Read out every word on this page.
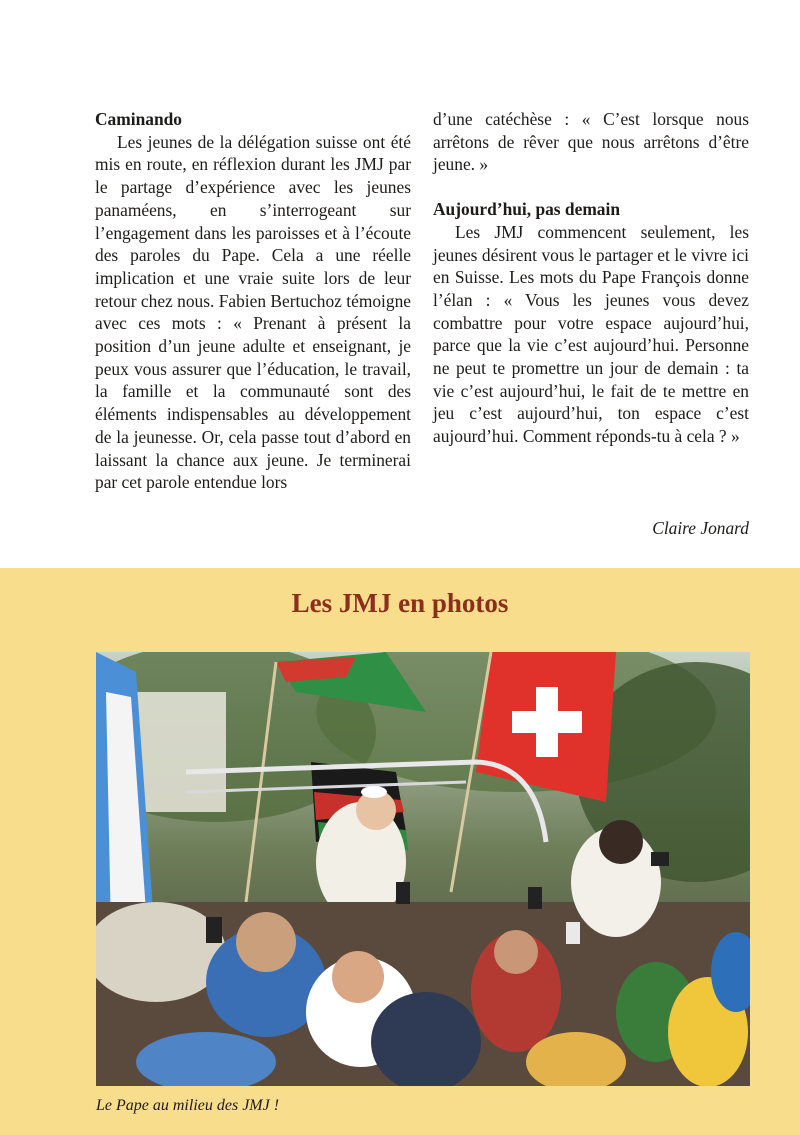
Caminando

Les jeunes de la délégation suisse ont été mis en route, en réflexion durant les JMJ par le partage d’expérience avec les jeunes panaméens, en s’interrogeant sur l’engagement dans les paroisses et à l’écoute des paroles du Pape. Cela a une réelle implication et une vraie suite lors de leur retour chez nous. Fabien Bertuchoz témoigne avec ces mots : « Prenant à présent la position d’un jeune adulte et enseignant, je peux vous assurer que l’éducation, le travail, la famille et la communauté sont des éléments indispensables au développement de la jeunesse. Or, cela passe tout d’abord en laissant la chance aux jeune. Je terminerai par cet parole entendue lors

d’une catéchèse : « C’est lorsque nous arrêtons de rêver que nous arrêtons d’être jeune. »

Aujourd’hui, pas demain

Les JMJ commencent seulement, les jeunes désirent vous le partager et le vivre ici en Suisse. Les mots du Pape François donne l’élan : « Vous les jeunes vous devez combattre pour votre espace aujourd’hui, parce que la vie c’est aujourd’hui. Personne ne peut te promettre un jour de demain : ta vie c’est aujourd’hui, le fait de te mettre en jeu c’est aujourd’hui, ton espace c’est aujourd’hui. Comment réponds-tu à cela ? »

Claire Jonard
Les JMJ en photos
Le Pape au milieu des JMJ !
